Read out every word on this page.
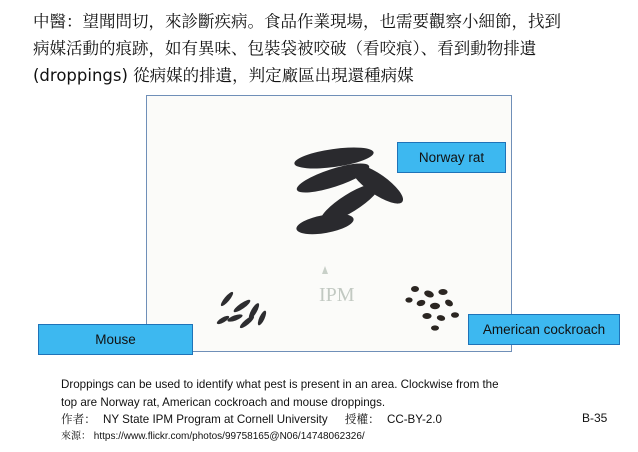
中醫：望聞問切，來診斷疾病。食品作業現場，也需要觀察小細節，找到
病媒活動的痕跡，如有異味、包裝袋被咬破（看咬痕）、看到動物排遺
(droppings) 從病媒的排遺，判定廠區出現還種病媒
IPM
Norway rat
Mouse
American cockroach
Droppings can be used to identify what pest is present in an area. Clockwise from the
top are Norway rat, American cockroach and mouse droppings.
作者： NY State IPM Program at Cornell University 授權： CC-BY-2.0
來源： https://www.flickr.com/photos/99758165@N06/14748062326/
B-35
